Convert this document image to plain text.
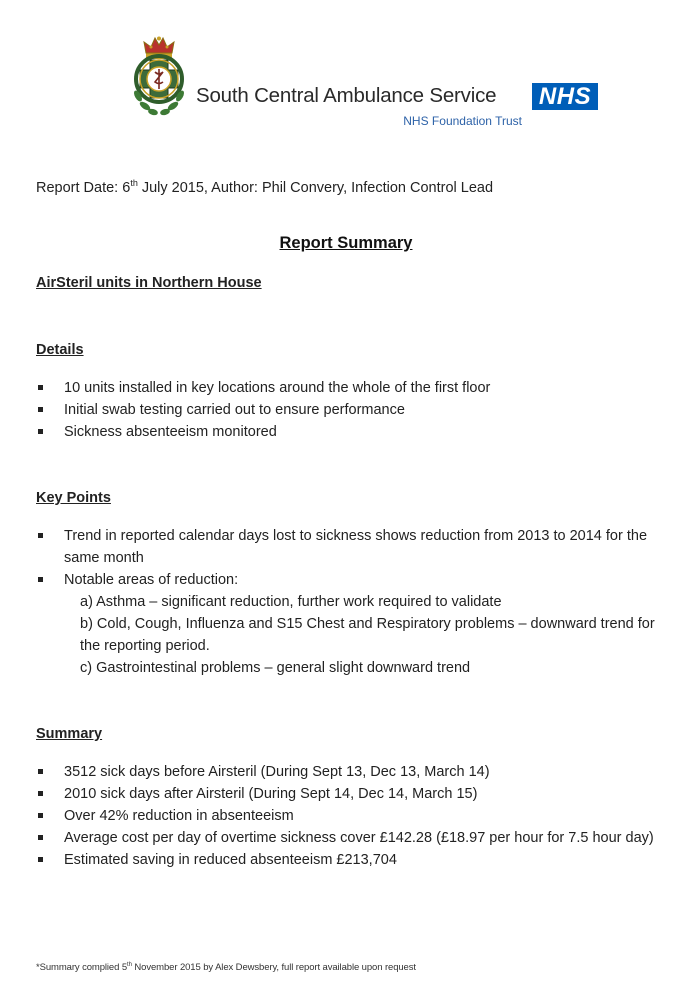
South Central Ambulance Service NHS
NHS Foundation Trust
Report Date: 6th July 2015, Author: Phil Convery, Infection Control Lead
Report Summary
AirSteril units in Northern House
Details
10 units installed in key locations around the whole of the first floor
Initial swab testing carried out to ensure performance
Sickness absenteeism monitored
Key Points
Trend in reported calendar days lost to sickness shows reduction from 2013 to 2014 for the same month
Notable areas of reduction:
a) Asthma – significant reduction, further work required to validate
b) Cold, Cough, Influenza and S15 Chest and Respiratory problems – downward trend for the reporting period.
c) Gastrointestinal problems – general slight downward trend
Summary
3512 sick days before Airsteril (During Sept 13, Dec 13, March 14)
2010 sick days after Airsteril (During Sept 14, Dec 14, March 15)
Over 42% reduction in absenteeism
Average cost per day of overtime sickness cover £142.28 (£18.97 per hour for 7.5 hour day)
Estimated saving in reduced absenteeism £213,704
*Summary complied 5th November 2015 by Alex Dewsbery, full report available upon request
